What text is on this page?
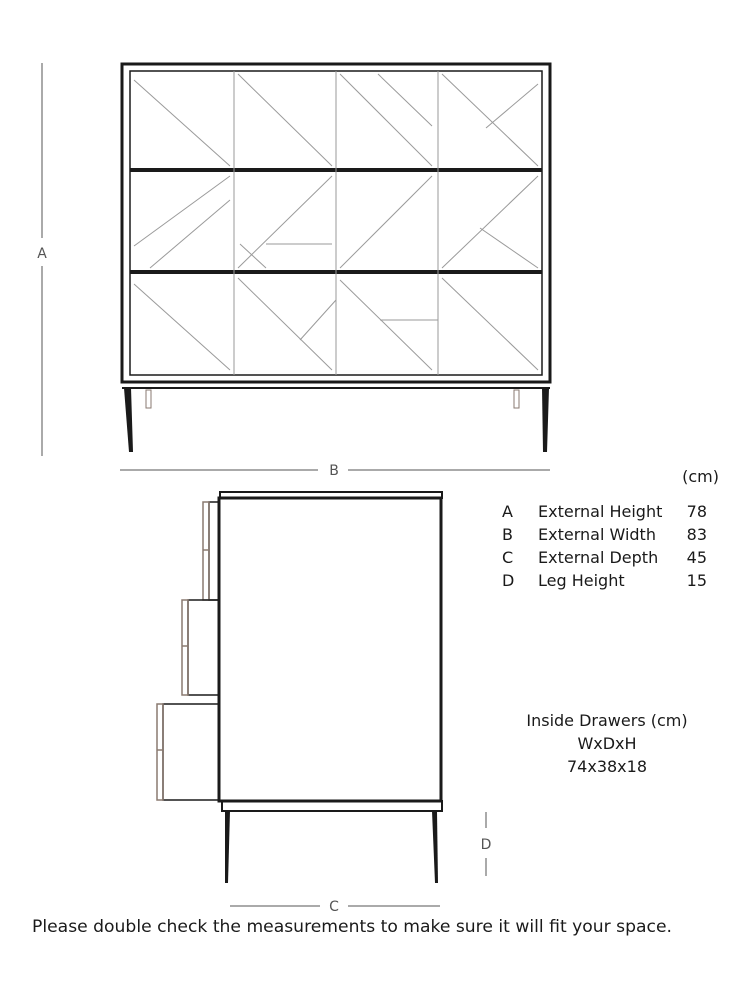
A
B
D
C
(cm)
A External Height 78
B External Width 83
C External Depth 45
D Leg Height	15
Inside Drawers (cm)
WxDxH
74x38x18
Please double check the measurements to make sure it will fit your space.
